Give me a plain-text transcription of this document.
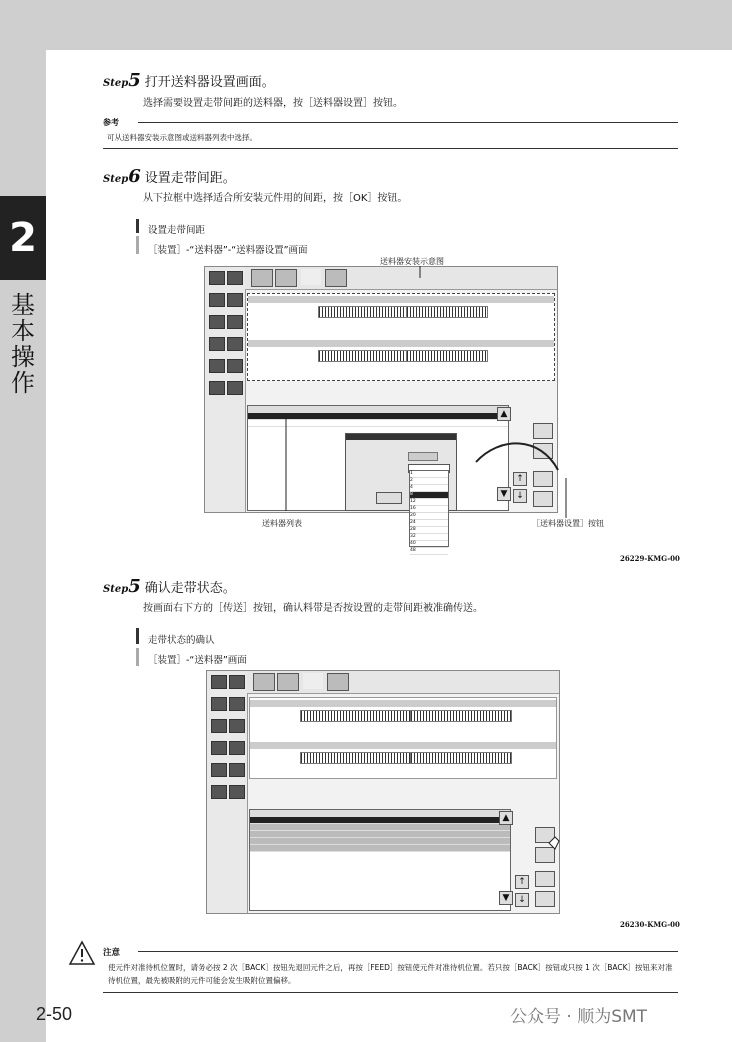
2
基本操作
Step5 打开送料器设置画面。
选择需要设置走带间距的送料器，按［送料器设置］按钮。
参考
可从送料器安装示意图或送料器列表中选择。
Step6 设置走带间距。
从下拉框中选择适合所安装元件用的间距，按［OK］按钮。
设置走带间距
［装置］-“送料器”-“送料器设置”画面
送料器安装示意图
1
2
4
8
12
16
20
24
28
32
40
48
▲
▼
↑
↓
送料器列表	［送料器设置］按钮
26229-KMG-00
Step5 确认走带状态。
按画面右下方的［传送］按钮，确认料带是否按设置的走带间距被准确传送。
走带状态的确认
［装置］-“送料器”画面
▲
▼
↑
↓
26230-KMG-00
注意
使元件对准待机位置时，请务必按 2 次［BACK］按钮先退回元件之后，再按［FEED］按钮使元件对准待机位置。若只按［BACK］按钮或只按 1 次［BACK］按钮来对准待机位置，最先被吸附的元件可能会发生吸附位置偏移。
2-50	公众号 · 顺为SMT
